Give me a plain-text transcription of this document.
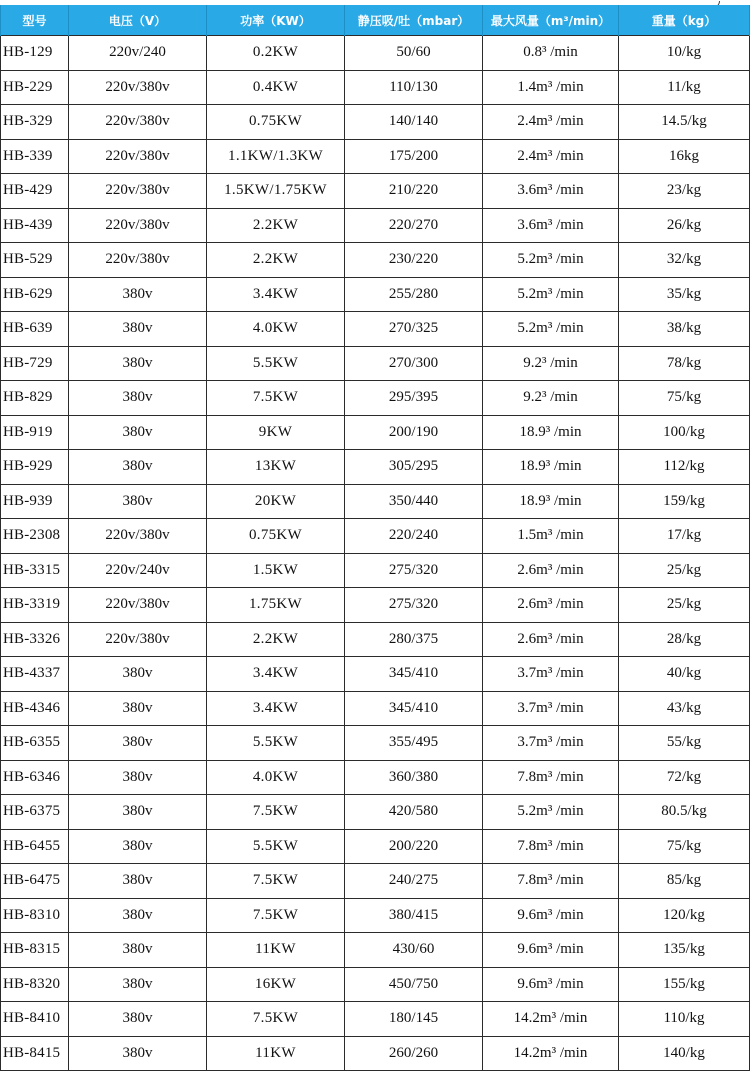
型号	电压（V）	功率（KW）	静压吸/吐（mbar）	最大风量（m³/min）	重量（kg）
HB-129	220v/240	0.2KW	50/60	0.8³ /min	10/kg
HB-229	220v/380v	0.4KW	110/130	1.4m³ /min	11/kg
HB-329	220v/380v	0.75KW	140/140	2.4m³ /min	14.5/kg
HB-339	220v/380v	1.1KW/1.3KW	175/200	2.4m³ /min	16kg
HB-429	220v/380v	1.5KW/1.75KW	210/220	3.6m³ /min	23/kg
HB-439	220v/380v	2.2KW	220/270	3.6m³ /min	26/kg
HB-529	220v/380v	2.2KW	230/220	5.2m³ /min	32/kg
HB-629	380v	3.4KW	255/280	5.2m³ /min	35/kg
HB-639	380v	4.0KW	270/325	5.2m³ /min	38/kg
HB-729	380v	5.5KW	270/300	9.2³ /min	78/kg
HB-829	380v	7.5KW	295/395	9.2³ /min	75/kg
HB-919	380v	9KW	200/190	18.9³ /min	100/kg
HB-929	380v	13KW	305/295	18.9³ /min	112/kg
HB-939	380v	20KW	350/440	18.9³ /min	159/kg
HB-2308	220v/380v	0.75KW	220/240	1.5m³ /min	17/kg
HB-3315	220v/240v	1.5KW	275/320	2.6m³ /min	25/kg
HB-3319	220v/380v	1.75KW	275/320	2.6m³ /min	25/kg
HB-3326	220v/380v	2.2KW	280/375	2.6m³ /min	28/kg
HB-4337	380v	3.4KW	345/410	3.7m³ /min	40/kg
HB-4346	380v	3.4KW	345/410	3.7m³ /min	43/kg
HB-6355	380v	5.5KW	355/495	3.7m³ /min	55/kg
HB-6346	380v	4.0KW	360/380	7.8m³ /min	72/kg
HB-6375	380v	7.5KW	420/580	5.2m³ /min	80.5/kg
HB-6455	380v	5.5KW	200/220	7.8m³ /min	75/kg
HB-6475	380v	7.5KW	240/275	7.8m³ /min	85/kg
HB-8310	380v	7.5KW	380/415	9.6m³ /min	120/kg
HB-8315	380v	11KW	430/60	9.6m³ /min	135/kg
HB-8320	380v	16KW	450/750	9.6m³ /min	155/kg
HB-8410	380v	7.5KW	180/145	14.2m³ /min	110/kg
HB-8415	380v	11KW	260/260	14.2m³ /min	140/kg
